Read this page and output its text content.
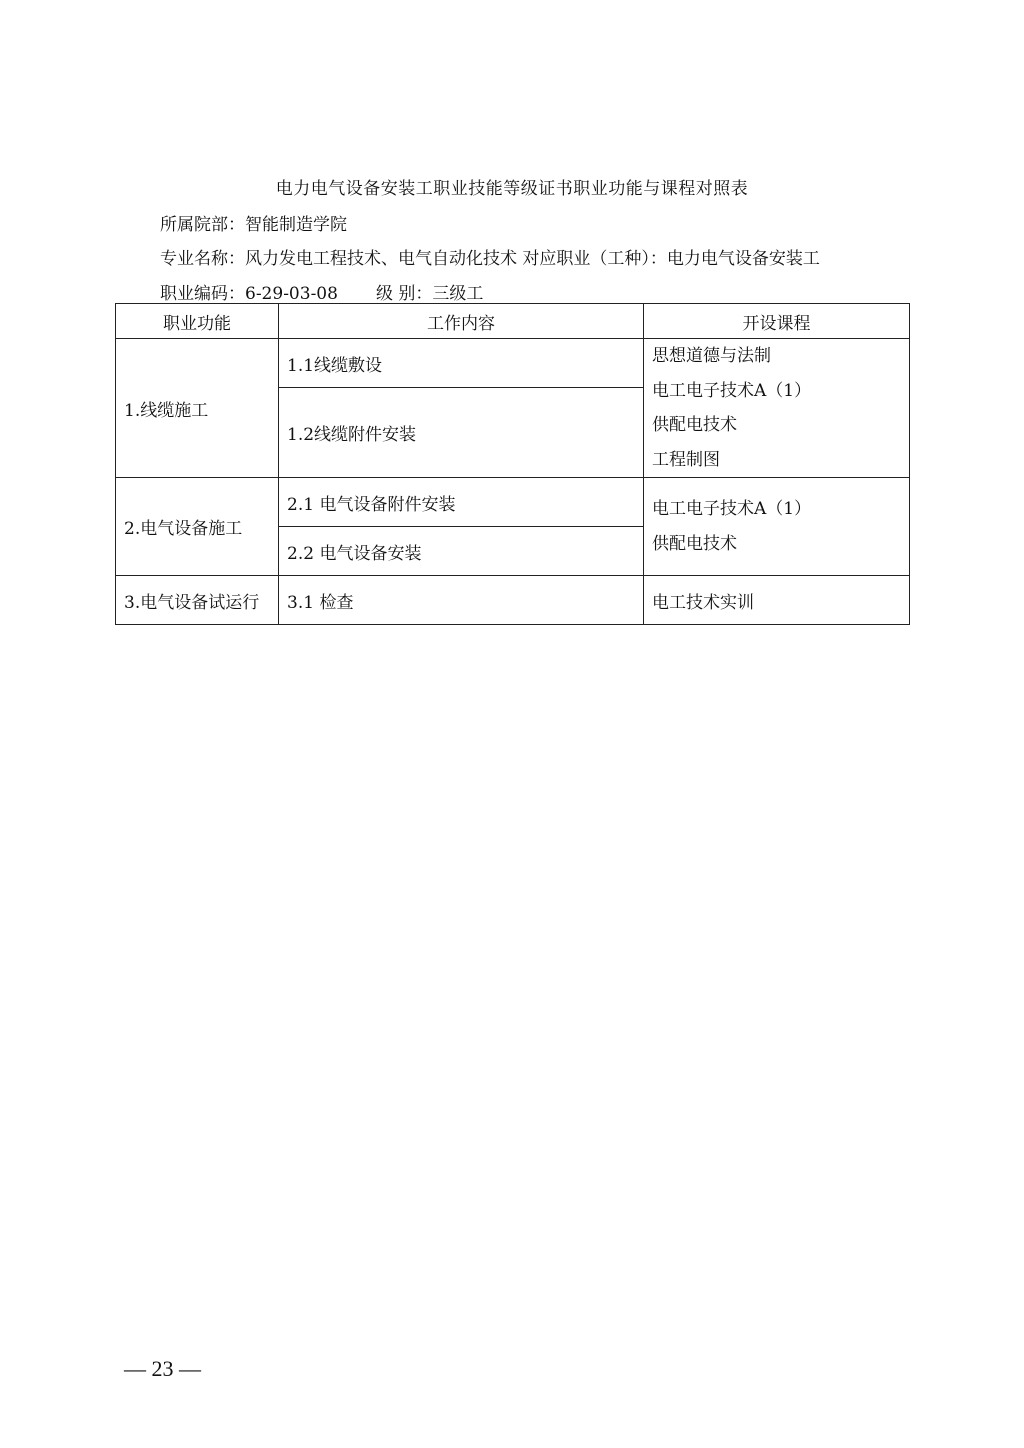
电力电气设备安装工职业技能等级证书职业功能与课程对照表
所属院部：智能制造学院
专业名称：风力发电工程技术、电气自动化技术 对应职业（工种）：电力电气设备安装工
职业编码：6-29-03-08 级 别：三级工
职业功能	工作内容	开设课程
1.线缆施工	1.1线缆敷设	思想道德与法制
电工电子技术A（1）
供配电技术
工程制图

	1.2线缆附件安装	
2.电气设备施工	2.1 电气设备附件安装	电工电子技术A（1）
供配电技术

	2.2 电气设备安装	
3.电气设备试运行	3.1 检查	电工技术实训
— 23 —
